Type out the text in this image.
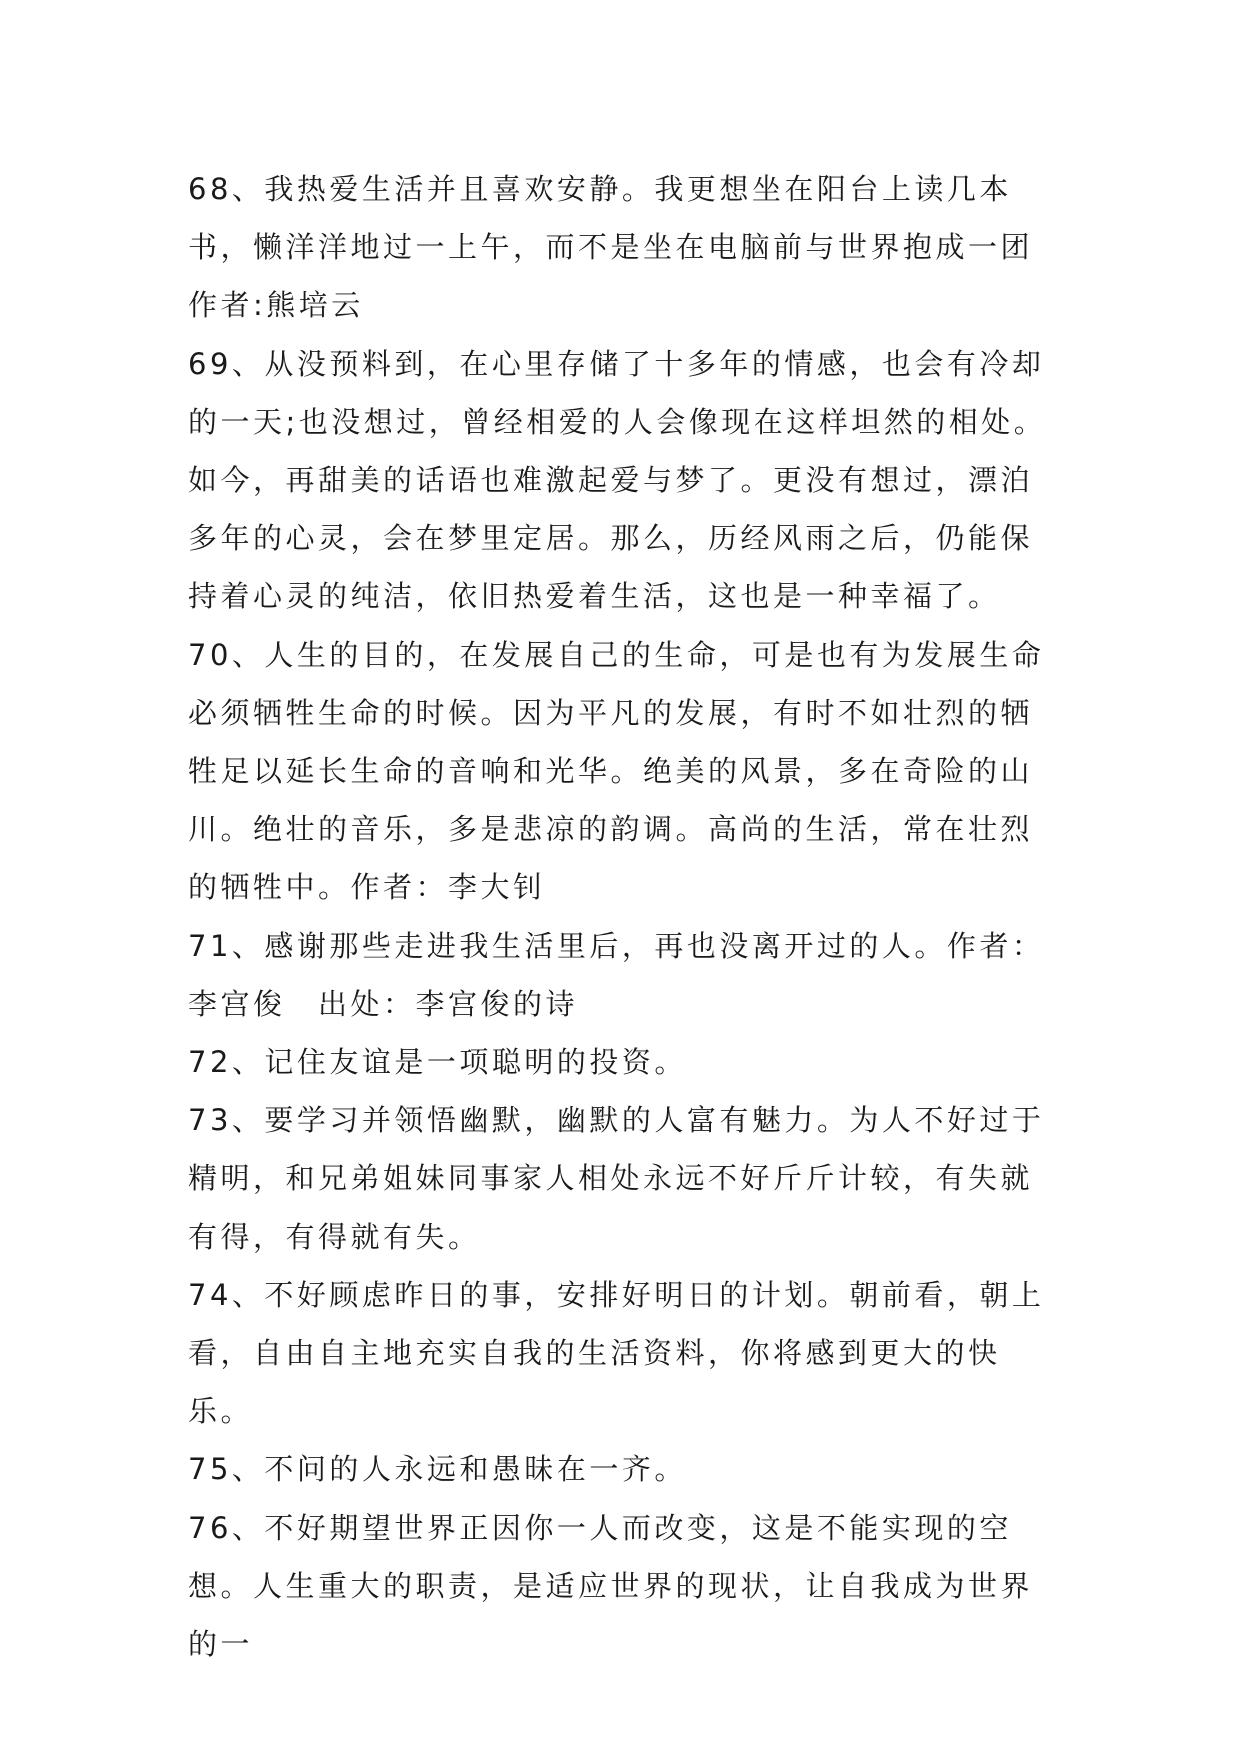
68、我热爱生活并且喜欢安静。我更想坐在阳台上读几本书，懒洋洋地过一上午，而不是坐在电脑前与世界抱成一团作者:熊培云

69、从没预料到，在心里存储了十多年的情感，也会有冷却的一天;也没想过，曾经相爱的人会像现在这样坦然的相处。如今，再甜美的话语也难激起爱与梦了。更没有想过，漂泊多年的心灵，会在梦里定居。那么，历经风雨之后，仍能保持着心灵的纯洁，依旧热爱着生活，这也是一种幸福了。

70、人生的目的，在发展自己的生命，可是也有为发展生命必须牺牲生命的时候。因为平凡的发展，有时不如壮烈的牺牲足以延长生命的音响和光华。绝美的风景，多在奇险的山川。绝壮的音乐，多是悲凉的韵调。高尚的生活，常在壮烈的牺牲中。作者：李大钊

71、感谢那些走进我生活里后，再也没离开过的人。作者：李宫俊　出处：李宫俊的诗

72、记住友谊是一项聪明的投资。

73、要学习并领悟幽默，幽默的人富有魅力。为人不好过于精明，和兄弟姐妹同事家人相处永远不好斤斤计较，有失就有得，有得就有失。

74、不好顾虑昨日的事，安排好明日的计划。朝前看，朝上看，自由自主地充实自我的生活资料，你将感到更大的快乐。

75、不问的人永远和愚昧在一齐。

76、不好期望世界正因你一人而改变，这是不能实现的空想。人生重大的职责，是适应世界的现状，让自我成为世界的一
